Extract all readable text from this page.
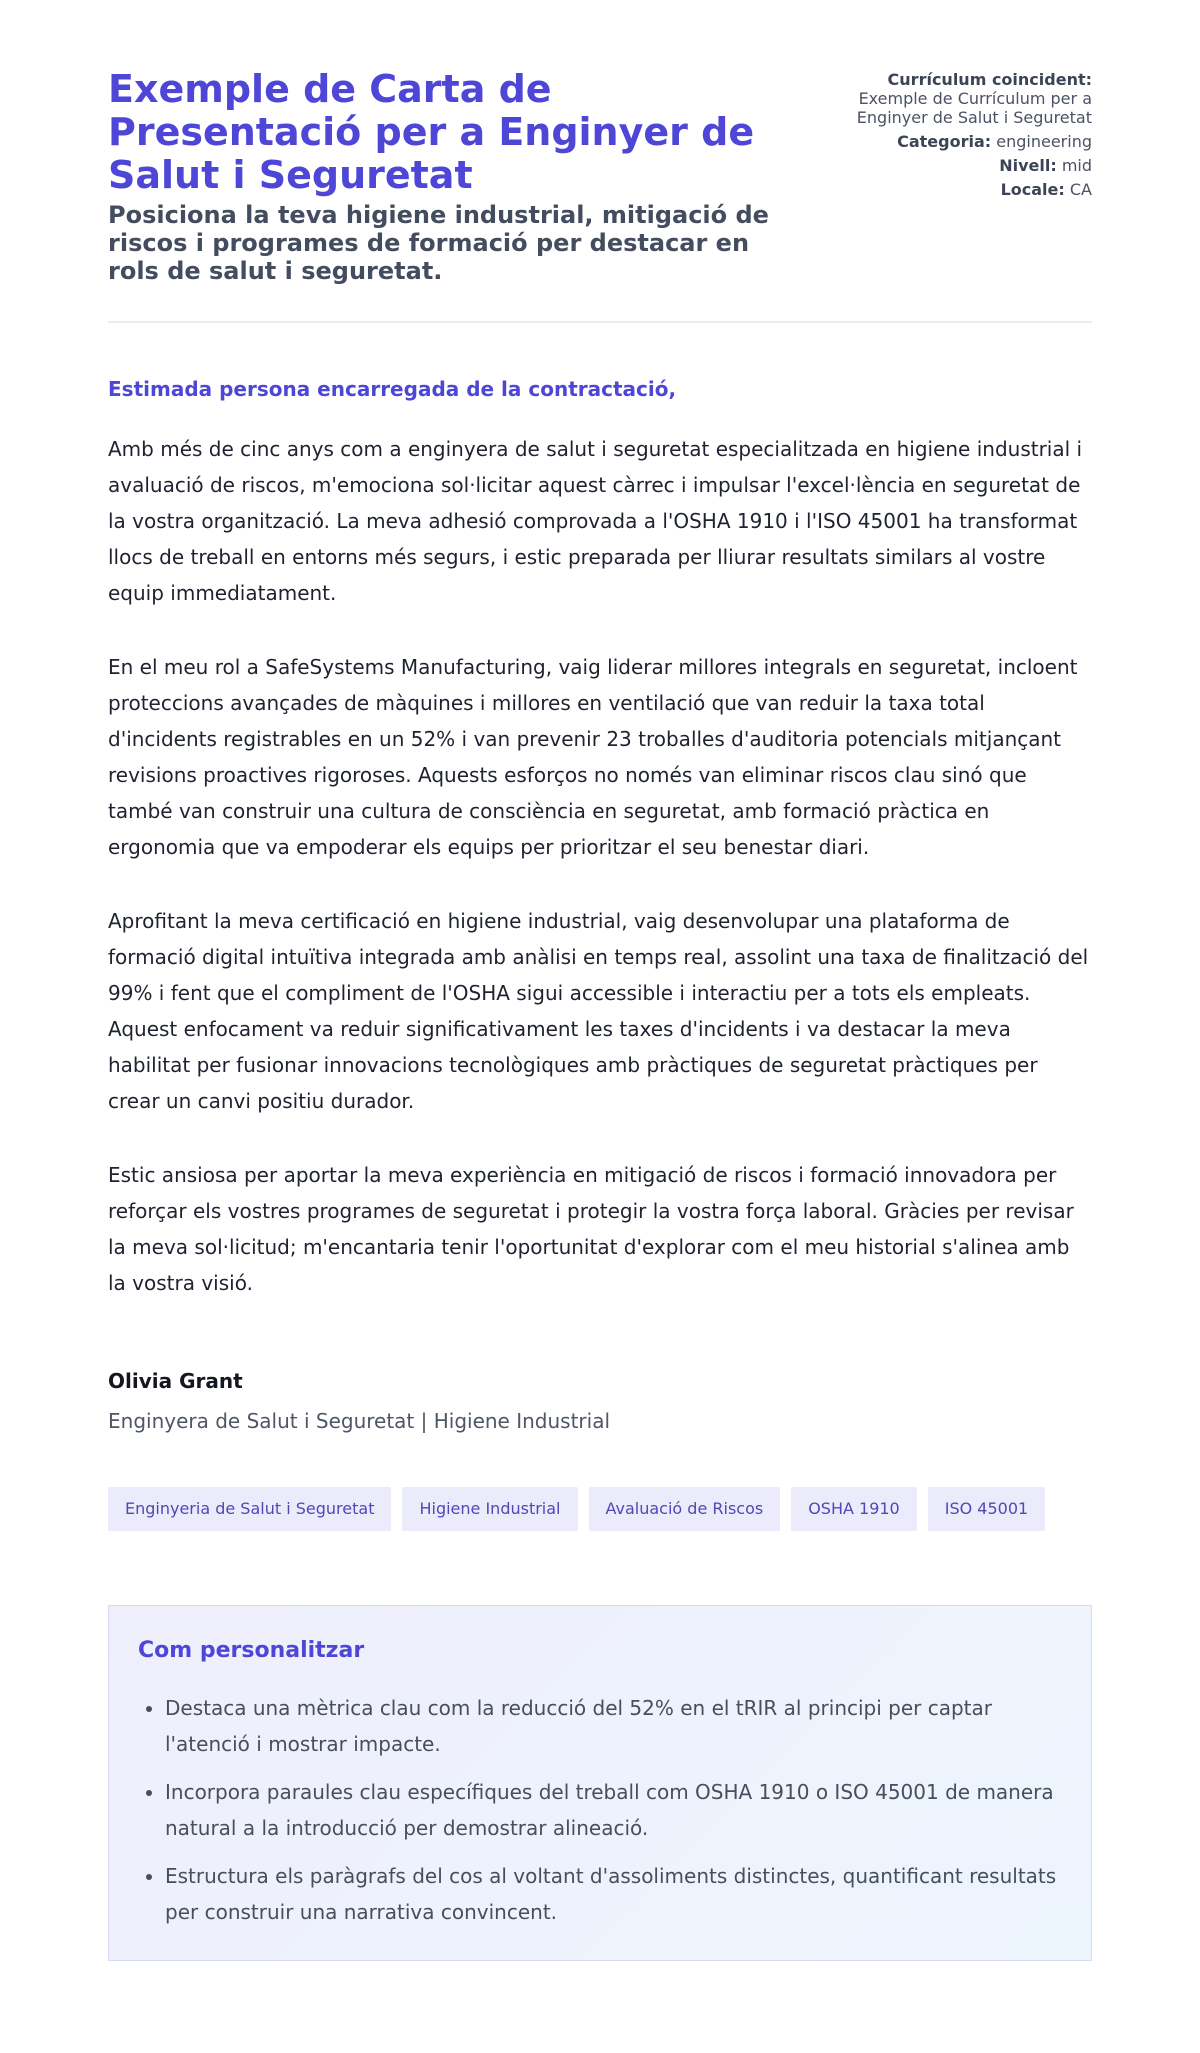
Exemple de Carta de Presentació per a Enginyer de Salut i Seguretat
Posiciona la teva higiene industrial, mitigació de riscos i programes de formació per destacar en rols de salut i seguretat.
Currículum coincident:
Exemple de Currículum per a Enginyer de Salut i Seguretat
Categoria: engineering
Nivell: mid
Locale: CA
Estimada persona encarregada de la contractació,

Amb més de cinc anys com a enginyera de salut i seguretat especialitzada en higiene industrial i avaluació de riscos, m'emociona sol·licitar aquest càrrec i impulsar l'excel·lència en seguretat de la vostra organització. La meva adhesió comprovada a l'OSHA 1910 i l'ISO 45001 ha transformat llocs de treball en entorns més segurs, i estic preparada per lliurar resultats similars al vostre equip immediatament.

En el meu rol a SafeSystems Manufacturing, vaig liderar millores integrals en seguretat, incloent proteccions avançades de màquines i millores en ventilació que van reduir la taxa total d'incidents registrables en un 52% i van prevenir 23 troballes d'auditoria potencials mitjançant revisions proactives rigoroses. Aquests esforços no només van eliminar riscos clau sinó que també van construir una cultura de consciència en seguretat, amb formació pràctica en ergonomia que va empoderar els equips per prioritzar el seu benestar diari.

Aprofitant la meva certificació en higiene industrial, vaig desenvolupar una plataforma de formació digital intuïtiva integrada amb anàlisi en temps real, assolint una taxa de finalització del 99% i fent que el compliment de l'OSHA sigui accessible i interactiu per a tots els empleats. Aquest enfocament va reduir significativament les taxes d'incidents i va destacar la meva habilitat per fusionar innovacions tecnològiques amb pràctiques de seguretat pràctiques per crear un canvi positiu durador.

Estic ansiosa per aportar la meva experiència en mitigació de riscos i formació innovadora per reforçar els vostres programes de seguretat i protegir la vostra força laboral. Gràcies per revisar la meva sol·licitud; m'encantaria tenir l'oportunitat d'explorar com el meu historial s'alinea amb la vostra visió.

Olivia Grant
Enginyera de Salut i Seguretat | Higiene Industrial
Enginyeria de Salut i Seguretat	Higiene Industrial	Avaluació de Riscos	OSHA 1910	ISO 45001
Com personalitzar
• Destaca una mètrica clau com la reducció del 52% en el tRIR al principi per captar l'atenció i mostrar impacte.
• Incorpora paraules clau específiques del treball com OSHA 1910 o ISO 45001 de manera natural a la introducció per demostrar alineació.
• Estructura els paràgrafs del cos al voltant d'assoliments distinctes, quantificant resultats per construir una narrativa convincent.
